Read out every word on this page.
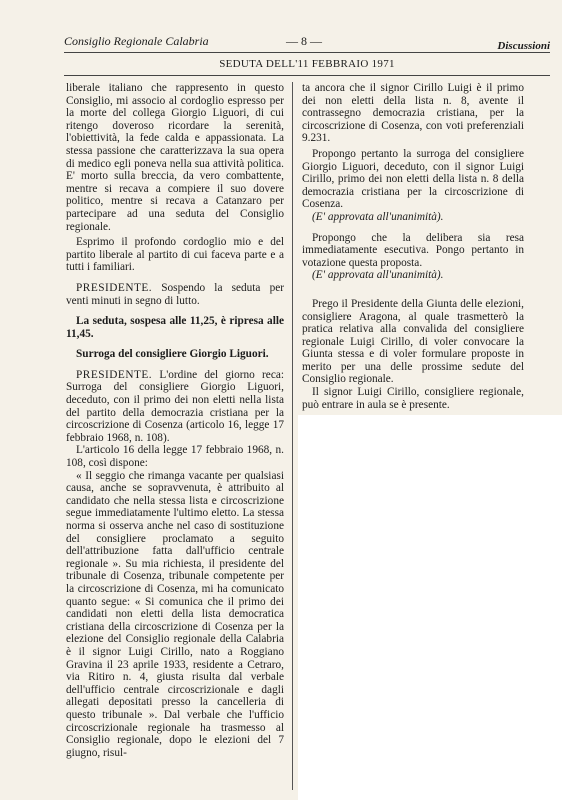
Consiglio Regionale Calabria	— 8 —	Discussioni
SEDUTA DELL'11 FEBBRAIO 1971

liberale italiano che rappresento in questo Consiglio, mi associo al cordoglio espresso per la morte del collega Giorgio Liguori, di cui ritengo doveroso ricordare la serenità, l'obiettività, la fede calda e appassionata. La stessa passione che caratterizzava la sua opera di medico egli poneva nella sua attività politica. E' morto sulla breccia, da vero combattente, mentre si recava a compiere il suo dovere politico, mentre si recava a Catanzaro per partecipare ad una seduta del Consiglio regionale.

Esprimo il profondo cordoglio mio e del partito liberale al partito di cui faceva parte e a tutti i familiari.

PRESIDENTE. Sospendo la seduta per venti minuti in segno di lutto.

La seduta, sospesa alle 11,25, è ripresa alle 11,45.

Surroga del consigliere Giorgio Liguori.

PRESIDENTE. L'ordine del giorno reca: Surroga del consigliere Giorgio Liguori, deceduto, con il primo dei non eletti nella lista del partito della democrazia cristiana per la circoscrizione di Cosenza (articolo 16, legge 17 febbraio 1968, n. 108).

L'articolo 16 della legge 17 febbraio 1968, n. 108, così dispone:

« Il seggio che rimanga vacante per qualsiasi causa, anche se sopravvenuta, è attribuito al candidato che nella stessa lista e circoscrizione segue immediatamente l'ultimo eletto. La stessa norma si osserva anche nel caso di sostituzione del consigliere proclamato a seguito dell'attribuzione fatta dall'ufficio centrale regionale ». Su mia richiesta, il presidente del tribunale di Cosenza, tribunale competente per la circoscrizione di Cosenza, mi ha comunicato quanto segue: « Si comunica che il primo dei candidati non eletti della lista democratica cristiana della circoscrizione di Cosenza per la elezione del Consiglio regionale della Calabria è il signor Luigi Cirillo, nato a Roggiano Gravina il 23 aprile 1933, residente a Cetraro, via Ritiro n. 4, giusta risulta dal verbale dell'ufficio centrale circoscrizionale e dagli allegati depositati presso la cancelleria di questo tribunale ». Dal verbale che l'ufficio circoscrizionale regionale ha trasmesso al Consiglio regionale, dopo le elezioni del 7 giugno, risul-

ta ancora che il signor Cirillo Luigi è il primo dei non eletti della lista n. 8, avente il contrassegno democrazia cristiana, per la circoscrizione di Cosenza, con voti preferenziali 9.231.

Propongo pertanto la surroga del consigliere Giorgio Liguori, deceduto, con il signor Luigi Cirillo, primo dei non eletti della lista n. 8 della democrazia cristiana per la circoscrizione di Cosenza.

(E' approvata all'unanimità).

Propongo che la delibera sia resa immediatamente esecutiva. Pongo pertanto in votazione questa proposta.

(E' approvata all'unanimità).

Prego il Presidente della Giunta delle elezioni, consigliere Aragona, al quale trasmetterò la pratica relativa alla convalida del consigliere regionale Luigi Cirillo, di voler convocare la Giunta stessa e di voler formulare proposte in merito per una delle prossime sedute del Consiglio regionale.

Il signor Luigi Cirillo, consigliere regionale, può entrare in aula se è presente.
